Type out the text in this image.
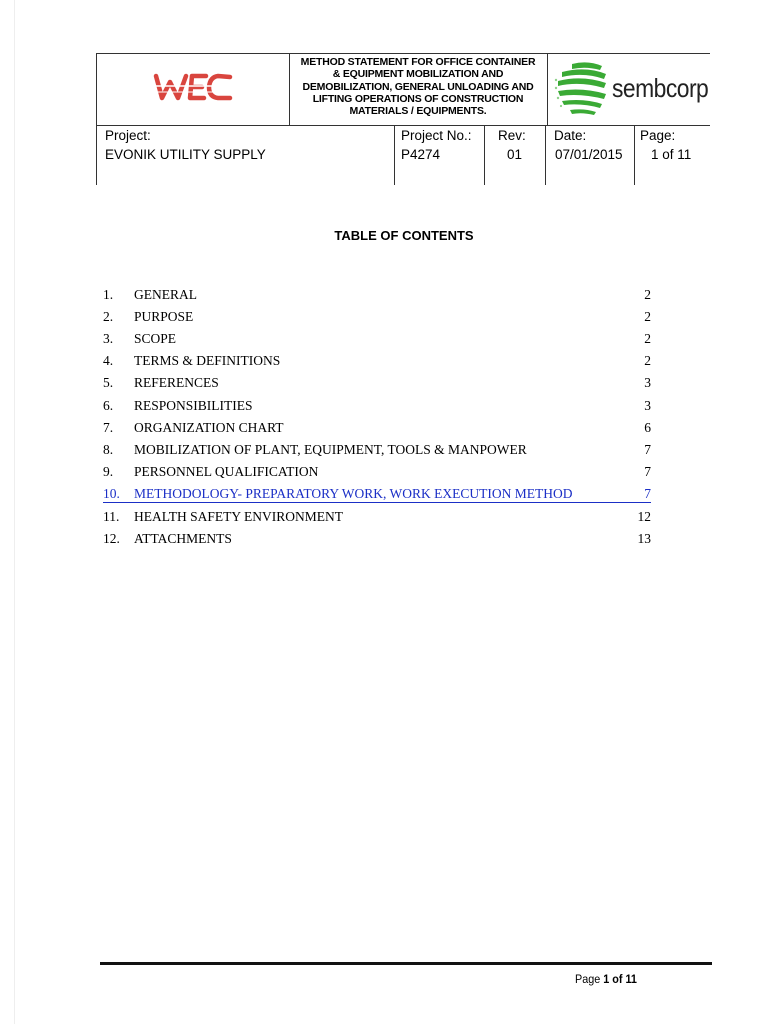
METHOD STATEMENT FOR OFFICE CONTAINER
& EQUIPMENT MOBILIZATION AND
DEMOBILIZATION, GENERAL UNLOADING AND
LIFTING OPERATIONS OF CONSTRUCTION
MATERIALS / EQUIPMENTS.
sembcorp
Project:
EVONIK UTILITY SUPPLY
Project No.:
P4274
Rev:
01
Date:
07/01/2015
Page:
1 of 11
TABLE OF CONTENTS
1. GENERAL	2
2. PURPOSE	2
3. SCOPE	2
4. TERMS & DEFINITIONS	2
5. REFERENCES	3
6. RESPONSIBILITIES	3
7. ORGANIZATION CHART	6
8. MOBILIZATION OF PLANT, EQUIPMENT, TOOLS & MANPOWER	7
9. PERSONNEL QUALIFICATION	7
10. METHODOLOGY- PREPARATORY WORK, WORK EXECUTION METHOD	7
11. HEALTH SAFETY ENVIRONMENT	12
12. ATTACHMENTS	13
Page 1 of 11
